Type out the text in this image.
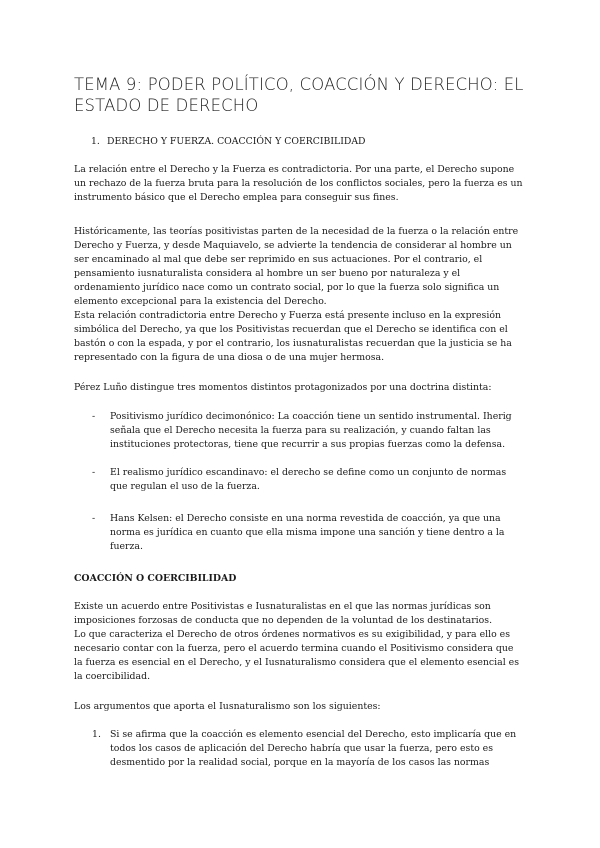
TEMA 9: PODER POLÍTICO, COACCIÓN Y DERECHO: EL
ESTADO DE DERECHO
1. DERECHO Y FUERZA. COACCIÓN Y COERCIBILIDAD
La relación entre el Derecho y la Fuerza es contradictoria. Por una parte, el Derecho supone
un rechazo de la fuerza bruta para la resolución de los conflictos sociales, pero la fuerza es un
instrumento básico que el Derecho emplea para conseguir sus fines.
Históricamente, las teorías positivistas parten de la necesidad de la fuerza o la relación entre
Derecho y Fuerza, y desde Maquiavelo, se advierte la tendencia de considerar al hombre un
ser encaminado al mal que debe ser reprimido en sus actuaciones. Por el contrario, el
pensamiento iusnaturalista considera al hombre un ser bueno por naturaleza y el
ordenamiento jurídico nace como un contrato social, por lo que la fuerza solo significa un
elemento excepcional para la existencia del Derecho.
Esta relación contradictoria entre Derecho y Fuerza está presente incluso en la expresión
simbólica del Derecho, ya que los Positivistas recuerdan que el Derecho se identifica con el
bastón o con la espada, y por el contrario, los iusnaturalistas recuerdan que la justicia se ha
representado con la figura de una diosa o de una mujer hermosa.
Pérez Luño distingue tres momentos distintos protagonizados por una doctrina distinta:
- Positivismo jurídico decimonónico: La coacción tiene un sentido instrumental. Iherig
señala que el Derecho necesita la fuerza para su realización, y cuando faltan las
instituciones protectoras, tiene que recurrir a sus propias fuerzas como la defensa.
- El realismo jurídico escandinavo: el derecho se define como un conjunto de normas
que regulan el uso de la fuerza.
- Hans Kelsen: el Derecho consiste en una norma revestida de coacción, ya que una
norma es jurídica en cuanto que ella misma impone una sanción y tiene dentro a la
fuerza.
COACCIÓN O COERCIBILIDAD
Existe un acuerdo entre Positivistas e Iusnaturalistas en el que las normas jurídicas son
imposiciones forzosas de conducta que no dependen de la voluntad de los destinatarios.
Lo que caracteriza el Derecho de otros órdenes normativos es su exigibilidad, y para ello es
necesario contar con la fuerza, pero el acuerdo termina cuando el Positivismo considera que
la fuerza es esencial en el Derecho, y el Iusnaturalismo considera que el elemento esencial es
la coercibilidad.
Los argumentos que aporta el Iusnaturalismo son los siguientes:
1. Si se afirma que la coacción es elemento esencial del Derecho, esto implicaría que en
todos los casos de aplicación del Derecho habría que usar la fuerza, pero esto es
desmentido por la realidad social, porque en la mayoría de los casos las normas
